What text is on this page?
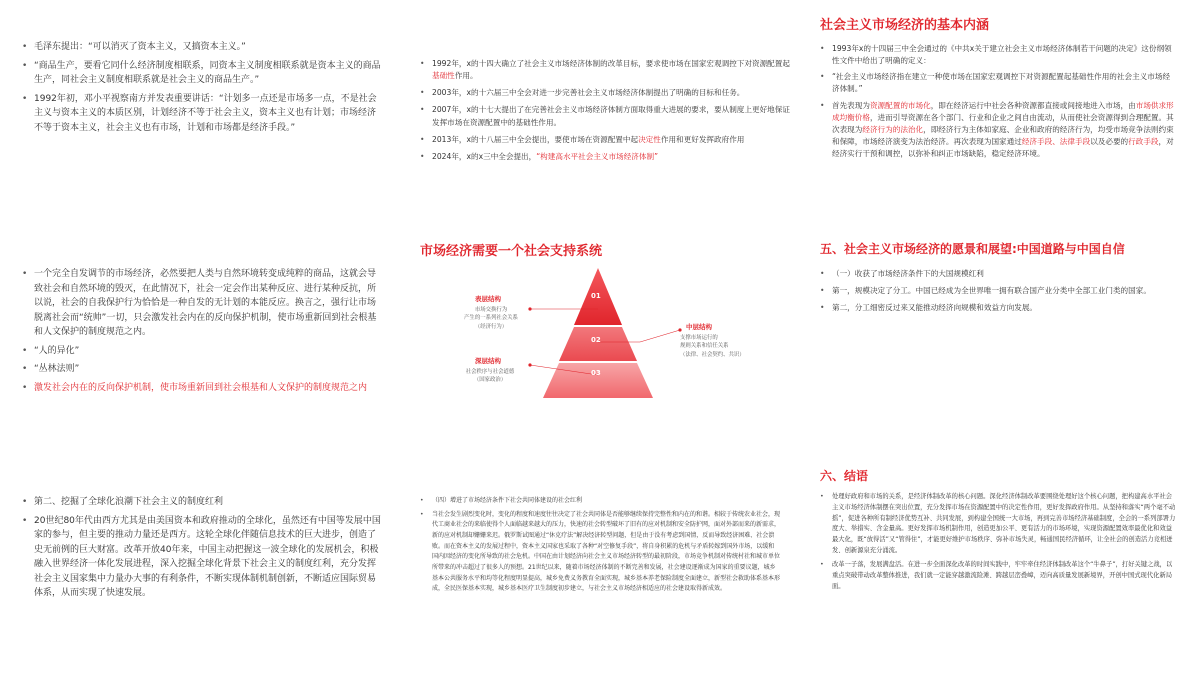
• 毛泽东提出：“可以消灭了资本主义，又搞资本主义。”
• “商品生产，要看它同什么经济制度相联系，同资本主义制度相联系就是资本主义的商品生产，同社会主义制度相联系就是社会主义的商品生产。”
• 1992年初，邓小平视察南方并发表重要讲话：“计划多一点还是市场多一点，不是社会主义与资本主义的本质区别，计划经济不等于社会主义，资本主义也有计划；市场经济不等于资本主义，社会主义也有市场，计划和市场都是经济手段。”
• 一个完全自发调节的市场经济，必然要把人类与自然环境转变成纯粹的商品，这就会导致社会和自然环境的毁灭，在此情况下，社会一定会作出某种反应、进行某种反抗，所以说，社会的自我保护行为恰恰是一种自发的无计划的本能反应。换言之，强行让市场脱离社会而“统帅”一切，只会激发社会内在的反向保护机制，使市场重新回到社会根基和人文保护的制度规范之内。
• “人的异化”
• “丛林法则”
• 激发社会内在的反向保护机制，使市场重新回到社会根基和人文保护的制度规范之内
• 第二、挖掘了全球化浪潮下社会主义的制度红利
• 20世纪80年代由西方尤其是由美国资本和政府推动的全球化，虽然还有中国等发展中国家的参与，但主要的推动力量还是西方。这轮全球化伴随信息技术的巨大进步，创造了史无前例的巨大财富。改革开放40年来，中国主动把握这一波全球化的发展机会，积极融入世界经济一体化发展进程，深入挖掘全球化背景下社会主义的制度红利，充分发挥社会主义国家集中力量办大事的有利条件，不断实现体制机制创新，不断适应国际贸易体系，从而实现了快速发展。
• 1992年，x的十四大确立了社会主义市场经济体制的改革目标，要求使市场在国家宏观调控下对资源配置起基础性作用。
• 2003年，x的十六届三中全会对进一步完善社会主义市场经济体制提出了明确的目标和任务。
• 2007年，x的十七大提出了在完善社会主义市场经济体制方面取得重大进展的要求，要从制度上更好地保证发挥市场在资源配置中的基础性作用。
• 2013年，x的十八届三中全会提出，要使市场在资源配置中起决定性作用和更好发挥政府作用
• 2024年，x的x三中全会提出，“构建高水平社会主义市场经济体制”
市场经济需要一个社会支持系统
01
02
03
表层结构
市场交换行为
产生的一系列社会关系
（经济行为）	中层结构
支撑市场运行的
规则关系和信任关系
（法律、社会契约、共识）
深层结构
社会秩序与社会道德
（国家政治）
• （四）增进了市场经济条件下社会共同体建设的社会红利
• 当社会发生剧烈变化时，变化的程度和速度往往决定了社会共同体是否能够继续保持完整性和内在的和谐。相较于传统农业社会，现代工商业社会的来临使得个人面临越来越大的压力，快速的社会转型破坏了旧有的应对机制和安全防护网，面对外部而来的新需求，新的应对机制却姗姗来迟。俄罗斯试图通过“休克疗法”解决经济转型问题，但是由于没有考虑到国情，反而导致经济困难、社会溃败。而在资本主义的发展过程中，资本主义国家也采取了各种“对空修复手段”，将自身积累的危机与矛盾转嫁到国外市场，以缓和国内因经济的变化所导致的社会危机。中国在由计划经济向社会主义市场经济转型的最初阶段，市场竞争机制对传统村社和城市单位所带来的冲击超过了很多人的预想。21世纪以来，随着市场经济体制的不断完善和发展，社会建设逐渐成为国家的重要议题，城乡基本公共服务水平和均等化程度明显提高，城乡免费义务教育全面实现，城乡基本养老保险制度全面建立，新型社会救助体系基本形成，全民医保基本实现，城乡基本医疗卫生制度初步建立，与社会主义市场经济相适应的社会建设取得新成效。
社会主义市场经济的基本内涵
• 1993年x的十四届三中全会通过的《中共x关于建立社会主义市场经济体制若干问题的决定》这份纲领性文件中给出了明确的定义：
• “社会主义市场经济指在建立一种使市场在国家宏观调控下对资源配置起基础性作用的社会主义市场经济体制。”
• 首先表现为资源配置的市场化，即在经济运行中社会各种资源都直接或间接地进入市场，由市场供求形成均衡价格，进而引导资源在各个部门、行业和企业之间自由流动，从而使社会资源得到合理配置。其次表现为经济行为的法治化，即经济行为主体如家庭、企业和政府的经济行为，均受市场竞争法则约束和保障，市场经济演变为法治经济。再次表现为国家通过经济手段、法律手段以及必要的行政手段，对经济实行干预和调控，以弥补和纠正市场缺陷，稳定经济环境。
五、社会主义市场经济的愿景和展望:中国道路与中国自信
• （一）收获了市场经济条件下的大国规模红利
• 第一，规模决定了分工。中国已经成为全世界唯一拥有联合国产业分类中全部工业门类的国家。
• 第二，分工细密反过来又能推动经济向规模和效益方向发展。
六、结语
• 处理好政府和市场的关系，是经济体制改革的核心问题。深化经济体制改革要围绕处理好这个核心问题，把构建高水平社会主义市场经济体制摆在突出位置，充分发挥市场在资源配置中的决定性作用，更好发挥政府作用。从坚持和落实“两个毫不动摇”，促进各种所有制经济优势互补、共同发展，到构建全国统一大市场，再到完善市场经济基础制度，全会的一系列部署力度大、举措实、含金量高。更好发挥市场机制作用，创造更加公平、更有活力的市场环境，实现资源配置效率最优化和效益最大化，既“放得活”又“管得住”，才能更好维护市场秩序、弥补市场失灵，畅通国民经济循环，让全社会的创造活力竞相迸发、创新源泉充分涌流。
• 改革一子落，发展满盘活。在进一步全面深化改革的时间实践中，牢牢牵住经济体制改革这个“牛鼻子”，打好关键之战，以重点突破带动改革整体推进，我们就一定能穿越激流险滩、跨越层峦叠嶂，迈向高质量发展新境界，开创中国式现代化新局面。
